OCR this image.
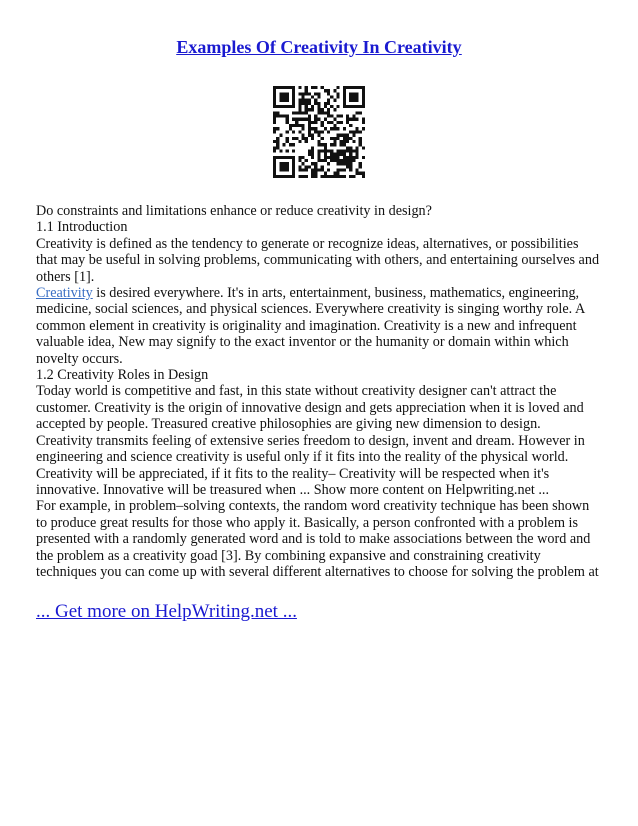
Examples Of Creativity In Creativity

Do constraints and limitations enhance or reduce creativity in design?

1.1 Introduction

Creativity is defined as the tendency to generate or recognize ideas, alternatives, or possibilities that may be useful in solving problems, communicating with others, and entertaining ourselves and others [1].

Creativity is desired everywhere. It's in arts, entertainment, business, mathematics, engineering, medicine, social sciences, and physical sciences. Everywhere creativity is singing worthy role. A common element in creativity is originality and imagination. Creativity is a new and infrequent valuable idea, New may signify to the exact inventor or the humanity or domain within which novelty occurs.

1.2 Creativity Roles in Design

Today world is competitive and fast, in this state without creativity designer can't attract the customer. Creativity is the origin of innovative design and gets appreciation when it is loved and accepted by people. Treasured creative philosophies are giving new dimension to design.

Creativity transmits feeling of extensive series freedom to design, invent and dream. However in engineering and science creativity is useful only if it fits into the reality of the physical world. Creativity will be appreciated, if it fits to the reality– Creativity will be respected when it's innovative. Innovative will be treasured when ... Show more content on Helpwriting.net ...

For example, in problem–solving contexts, the random word creativity technique has been shown to produce great results for those who apply it. Basically, a person confronted with a problem is presented with a randomly generated word and is told to make associations between the word and the problem as a creativity goad [3]. By combining expansive and constraining creativity techniques you can come up with several different alternatives to choose for solving the problem at

... Get more on HelpWriting.net ...
